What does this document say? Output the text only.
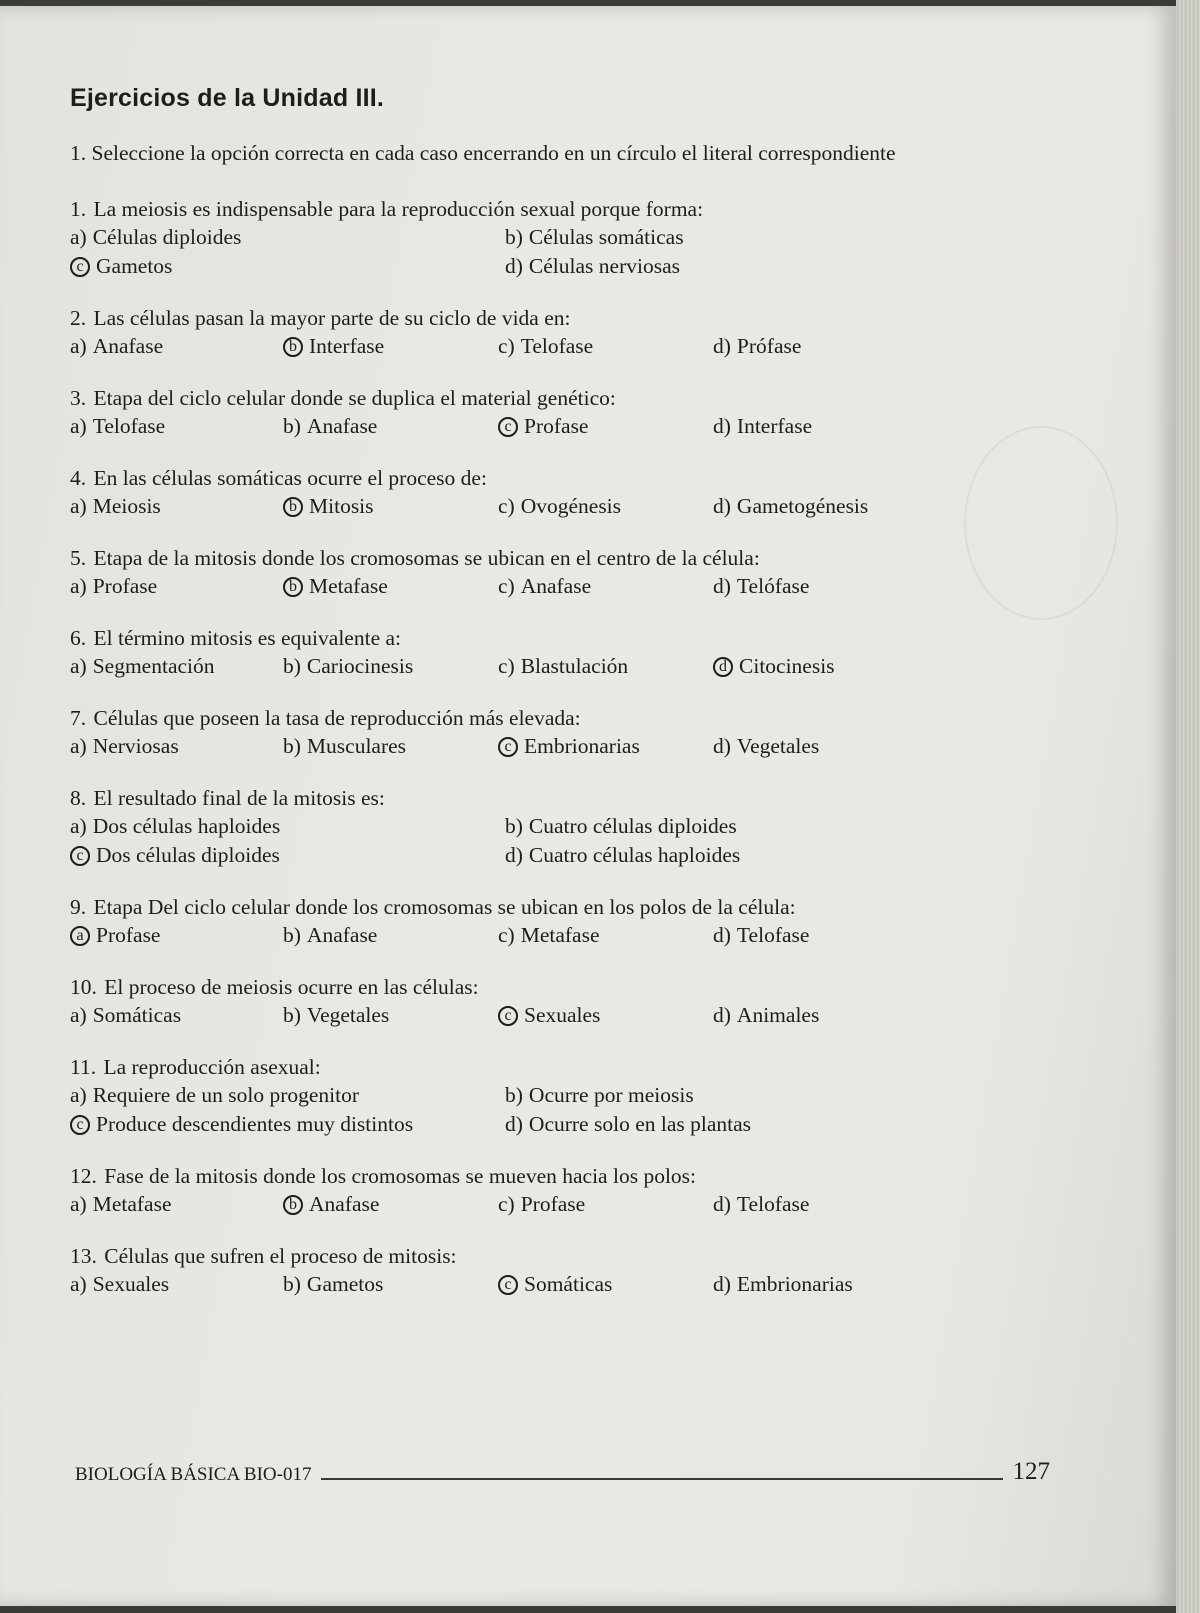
Ejercicios de la Unidad III.
1. Seleccione la opción correcta en cada caso encerrando en un círculo el literal correspondiente
1. La meiosis es indispensable para la reproducción sexual porque forma:
a) Células diploides	b) Células somáticas
c Gametos	d) Células nerviosas
2. Las células pasan la mayor parte de su ciclo de vida en:
a) Anafase	b Interfase	c) Telofase	d) Prófase
3. Etapa del ciclo celular donde se duplica el material genético:
a) Telofase	b) Anafase	c Profase	d) Interfase
4. En las células somáticas ocurre el proceso de:
a) Meiosis	b Mitosis	c) Ovogénesis	d) Gametogénesis
5. Etapa de la mitosis donde los cromosomas se ubican en el centro de la célula:
a) Profase	b Metafase	c) Anafase	d) Telófase
6. El término mitosis es equivalente a:
a) Segmentación	b) Cariocinesis	c) Blastulación	d Citocinesis
7. Células que poseen la tasa de reproducción más elevada:
a) Nerviosas	b) Musculares	c Embrionarias	d) Vegetales
8. El resultado final de la mitosis es:
a) Dos células haploides	b) Cuatro células diploides
c Dos células diploides	d) Cuatro células haploides
9. Etapa Del ciclo celular donde los cromosomas se ubican en los polos de la célula:
a Profase	b) Anafase	c) Metafase	d) Telofase
10. El proceso de meiosis ocurre en las células:
a) Somáticas	b) Vegetales	c Sexuales	d) Animales
11. La reproducción asexual:
a) Requiere de un solo progenitor	b) Ocurre por meiosis
c Produce descendientes muy distintos	d) Ocurre solo en las plantas
12. Fase de la mitosis donde los cromosomas se mueven hacia los polos:
a) Metafase	b Anafase	c) Profase	d) Telofase
13. Células que sufren el proceso de mitosis:
a) Sexuales	b) Gametos	c Somáticas	d) Embrionarias
BIOLOGÍA BÁSICA BIO-017	127
